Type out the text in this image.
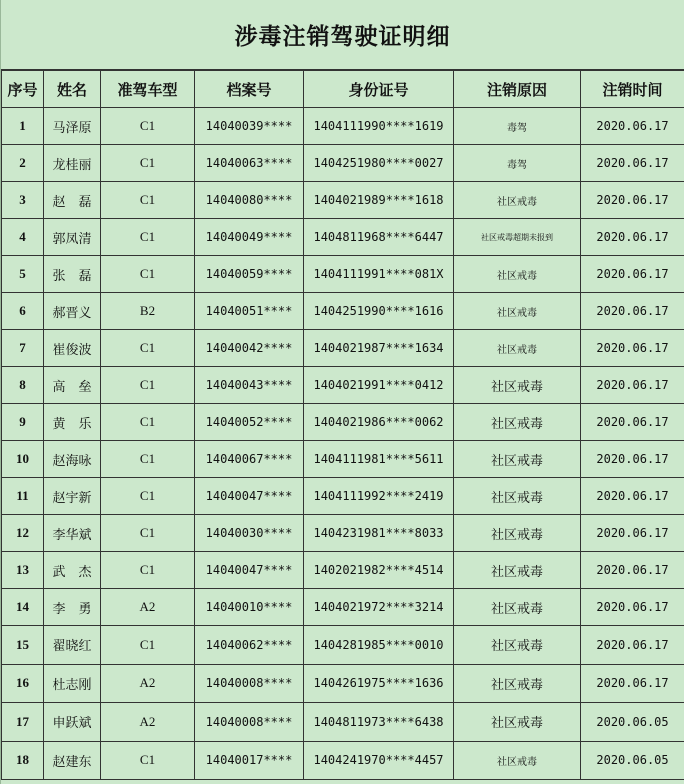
涉毒注销驾驶证明细
序号	姓名	准驾车型	档案号	身份证号	注销原因	注销时间
1	马泽原	C1	14040039****	1404111990****1619	毒驾	2020.06.17
2	龙桂丽	C1	14040063****	1404251980****0027	毒驾	2020.06.17
3	赵　磊	C1	14040080****	1404021989****1618	社区戒毒	2020.06.17
4	郭凤清	C1	14040049****	1404811968****6447	社区戒毒超期未报到	2020.06.17
5	张　磊	C1	14040059****	1404111991****081X	社区戒毒	2020.06.17
6	郝晋义	B2	14040051****	1404251990****1616	社区戒毒	2020.06.17
7	崔俊波	C1	14040042****	1404021987****1634	社区戒毒	2020.06.17
8	高　垒	C1	14040043****	1404021991****0412	社区戒毒	2020.06.17
9	黄　乐	C1	14040052****	1404021986****0062	社区戒毒	2020.06.17
10	赵海咏	C1	14040067****	1404111981****5611	社区戒毒	2020.06.17
11	赵宇新	C1	14040047****	1404111992****2419	社区戒毒	2020.06.17
12	李华斌	C1	14040030****	1404231981****8033	社区戒毒	2020.06.17
13	武　杰	C1	14040047****	1402021982****4514	社区戒毒	2020.06.17
14	李　勇	A2	14040010****	1404021972****3214	社区戒毒	2020.06.17
15	翟晓红	C1	14040062****	1404281985****0010	社区戒毒	2020.06.17
16	杜志刚	A2	14040008****	1404261975****1636	社区戒毒	2020.06.17
17	申跃斌	A2	14040008****	1404811973****6438	社区戒毒	2020.06.05
18	赵建东	C1	14040017****	1404241970****4457	社区戒毒	2020.06.05
